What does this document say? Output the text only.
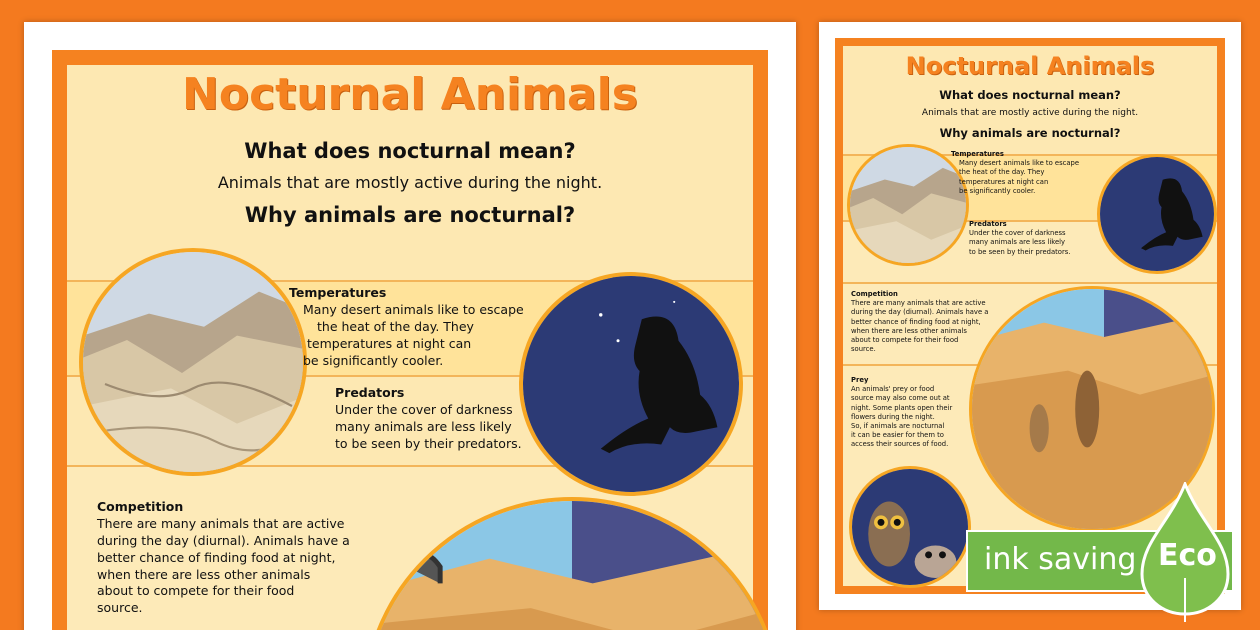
Nocturnal Animals
What does nocturnal mean?
Animals that are mostly active during the night.
Why animals are nocturnal?
Temperatures
Many desert animals like to escape
the heat of the day. They
temperatures at night can
be significantly cooler.
Predators
Under the cover of darkness
many animals are less likely
to be seen by their predators.
Competition
There are many animals that are active
during the day (diurnal). Animals have a
better chance of finding food at night,
when there are less other animals
about to compete for their food
source.
Nocturnal Animals
What does nocturnal mean?
Animals that are mostly active during the night.
Why animals are nocturnal?
Temperatures
Many desert animals like to escape
the heat of the day. They
temperatures at night can
be significantly cooler.
Predators
Under the cover of darkness
many animals are less likely
to be seen by their predators.
Competition
There are many animals that are active
during the day (diurnal). Animals have a
better chance of finding food at night,
when there are less other animals
about to compete for their food
source.
Prey
An animals' prey or food
source may also come out at
night. Some plants open their
flowers during the night.
So, if animals are nocturnal
it can be easier for them to
access their sources of food.
ink saving Eco
